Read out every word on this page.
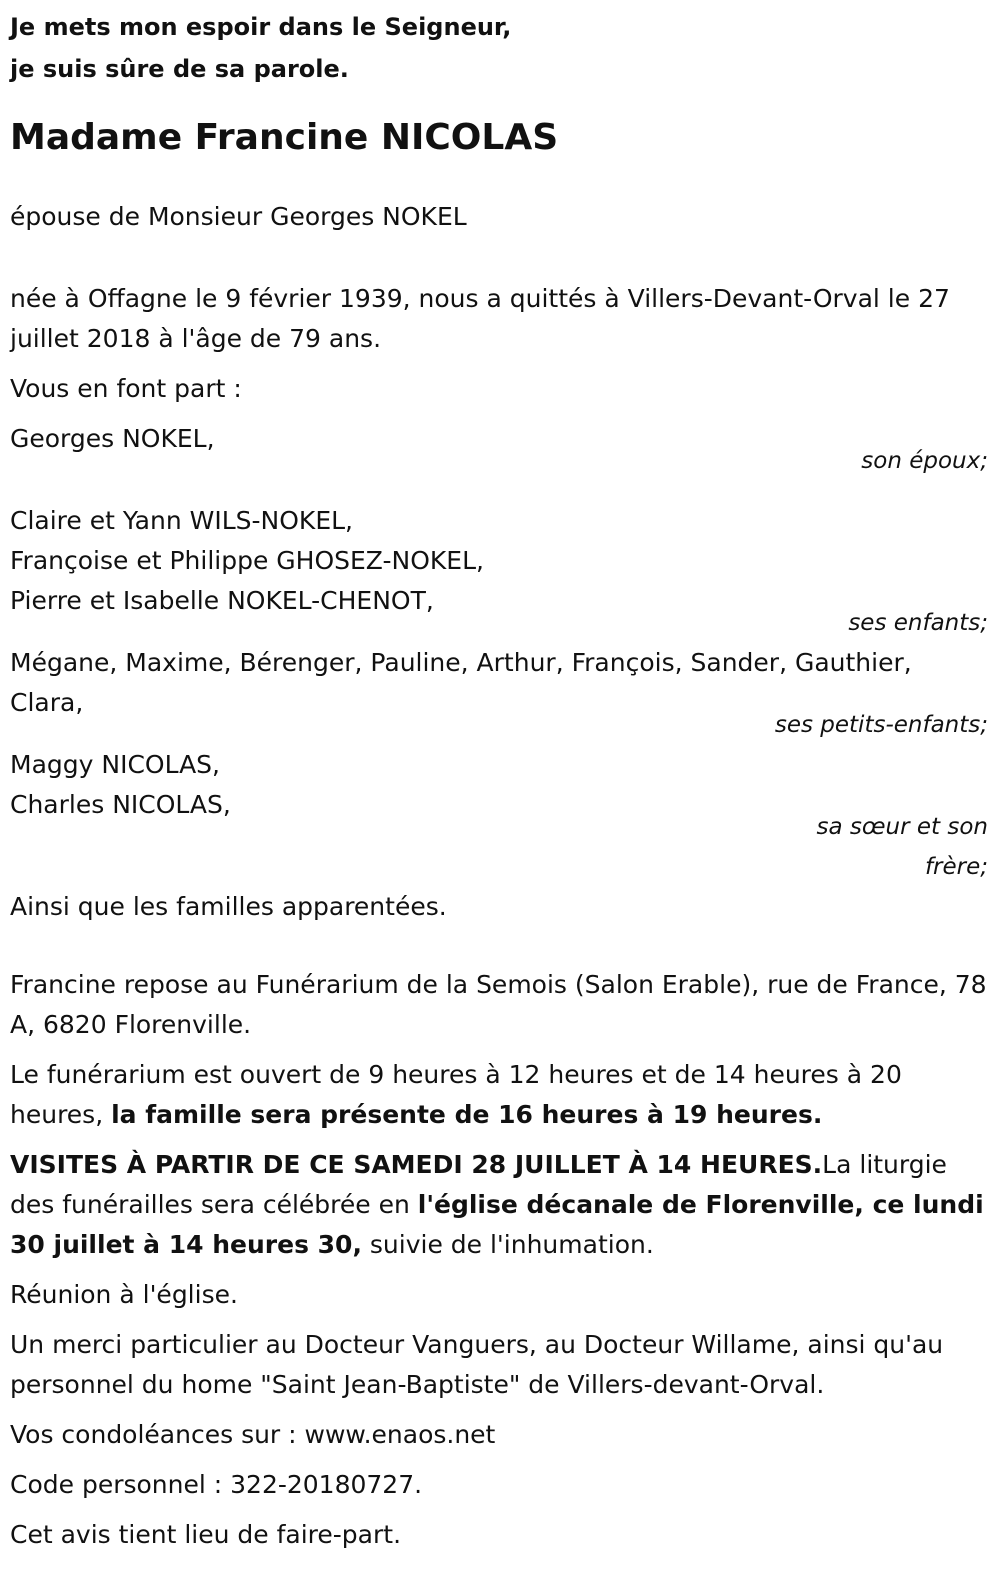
Je mets mon espoir dans le Seigneur,

je suis sûre de sa parole.

Madame Francine NICOLAS

épouse de Monsieur Georges NOKEL

née à Offagne le 9 février 1939, nous a quittés à Villers-Devant-Orval le 27 juillet 2018 à l'âge de 79 ans.

Vous en font part :

Georges NOKEL,

son époux;

Claire et Yann WILS-NOKEL,

Françoise et Philippe GHOSEZ-NOKEL,

Pierre et Isabelle NOKEL-CHENOT,

ses enfants;

Mégane, Maxime, Bérenger, Pauline, Arthur, François, Sander, Gauthier, Clara,

ses petits-enfants;

Maggy NICOLAS,

Charles NICOLAS,

sa sœur et son

frère;

Ainsi que les familles apparentées.

Francine repose au Funérarium de la Semois (Salon Erable), rue de France, 78 A, 6820 Florenville.

Le funérarium est ouvert de 9 heures à 12 heures et de 14 heures à 20 heures, la famille sera présente de 16 heures à 19 heures.

VISITES À PARTIR DE CE SAMEDI 28 JUILLET À 14 HEURES.La liturgie des funérailles sera célébrée en l'église décanale de Florenville, ce lundi 30 juillet à 14 heures 30, suivie de l'inhumation.

Réunion à l'église.

Un merci particulier au Docteur Vanguers, au Docteur Willame, ainsi qu'au personnel du home "Saint Jean-Baptiste" de Villers-devant-Orval.

Vos condoléances sur : www.enaos.net

Code personnel : 322-20180727.

Cet avis tient lieu de faire-part.
